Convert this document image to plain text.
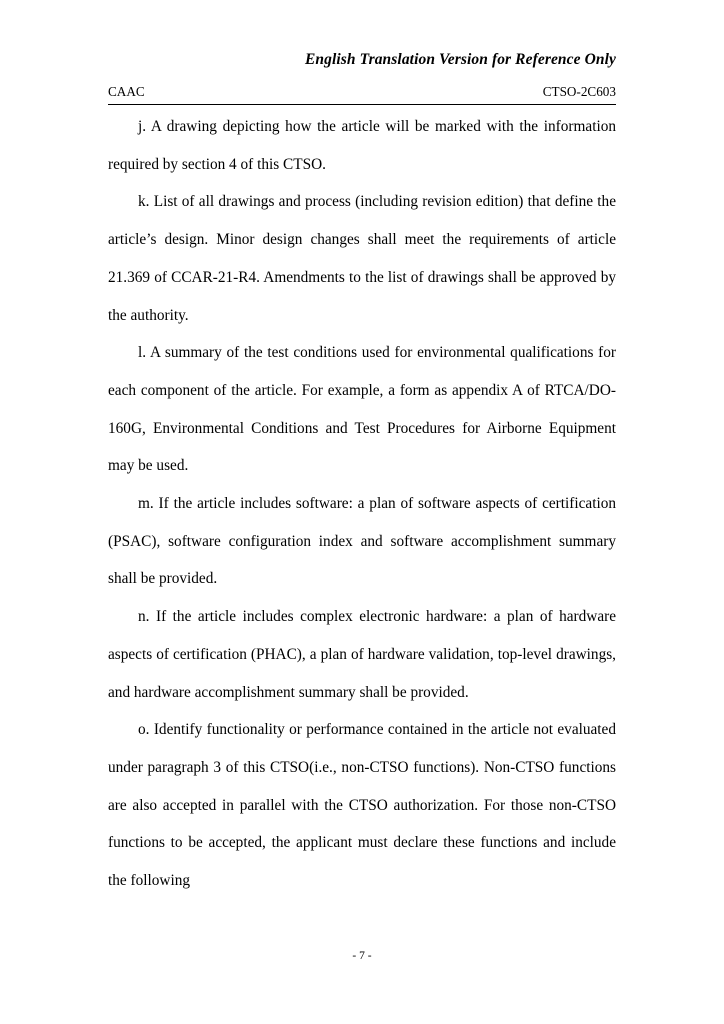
English Translation Version for Reference Only
CAAC	CTSO-2C603

j. A drawing depicting how the article will be marked with the information required by section 4 of this CTSO.

k. List of all drawings and process (including revision edition) that define the article’s design. Minor design changes shall meet the requirements of article 21.369 of CCAR-21-R4. Amendments to the list of drawings shall be approved by the authority.

l. A summary of the test conditions used for environmental qualifications for each component of the article. For example, a form as appendix A of RTCA/DO-160G, Environmental Conditions and Test Procedures for Airborne Equipment may be used.

m. If the article includes software: a plan of software aspects of certification (PSAC), software configuration index and software accomplishment summary shall be provided.

n. If the article includes complex electronic hardware: a plan of hardware aspects of certification (PHAC), a plan of hardware validation, top-level drawings, and hardware accomplishment summary shall be provided.

o. Identify functionality or performance contained in the article not evaluated under paragraph 3 of this CTSO(i.e., non-CTSO functions). Non-CTSO functions are also accepted in parallel with the CTSO authorization. For those non-CTSO functions to be accepted, the applicant must declare these functions and include the following

- 7 -
